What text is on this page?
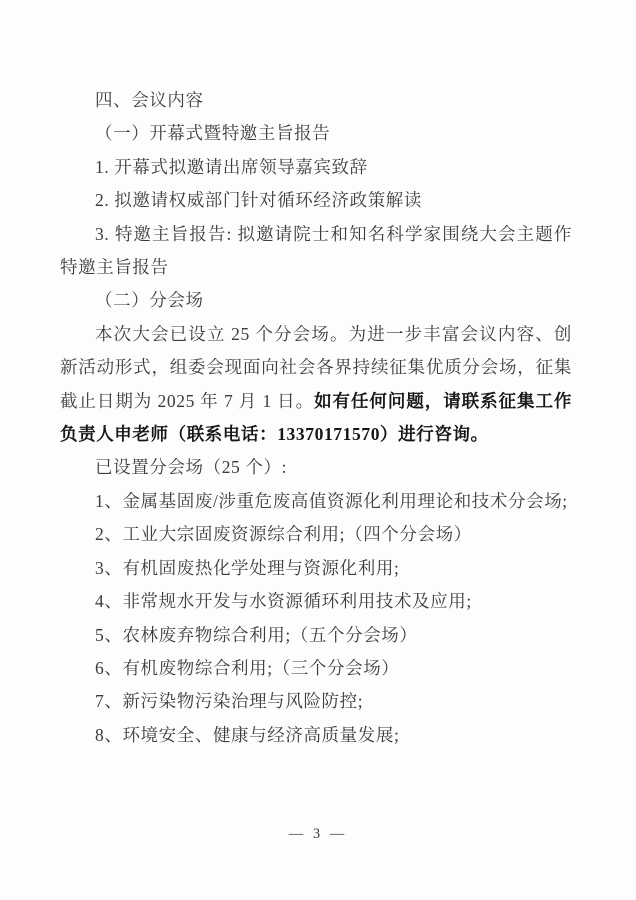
四、会议内容

（一）开幕式暨特邀主旨报告

1. 开幕式拟邀请出席领导嘉宾致辞

2. 拟邀请权威部门针对循环经济政策解读

3. 特邀主旨报告: 拟邀请院士和知名科学家围绕大会主题作特邀主旨报告

（二）分会场

本次大会已设立 25 个分会场。为进一步丰富会议内容、创新活动形式，组委会现面向社会各界持续征集优质分会场，征集截止日期为 2025 年 7 月 1 日。如有任何问题，请联系征集工作负责人申老师（联系电话：13370171570）进行咨询。

已设置分会场（25 个）:

1、金属基固废/涉重危废高值资源化利用理论和技术分会场;

2、工业大宗固废资源综合利用;（四个分会场）

3、有机固废热化学处理与资源化利用;

4、非常规水开发与水资源循环利用技术及应用;

5、农林废弃物综合利用;（五个分会场）

6、有机废物综合利用;（三个分会场）

7、新污染物污染治理与风险防控;

8、环境安全、健康与经济高质量发展;

— 3 —
